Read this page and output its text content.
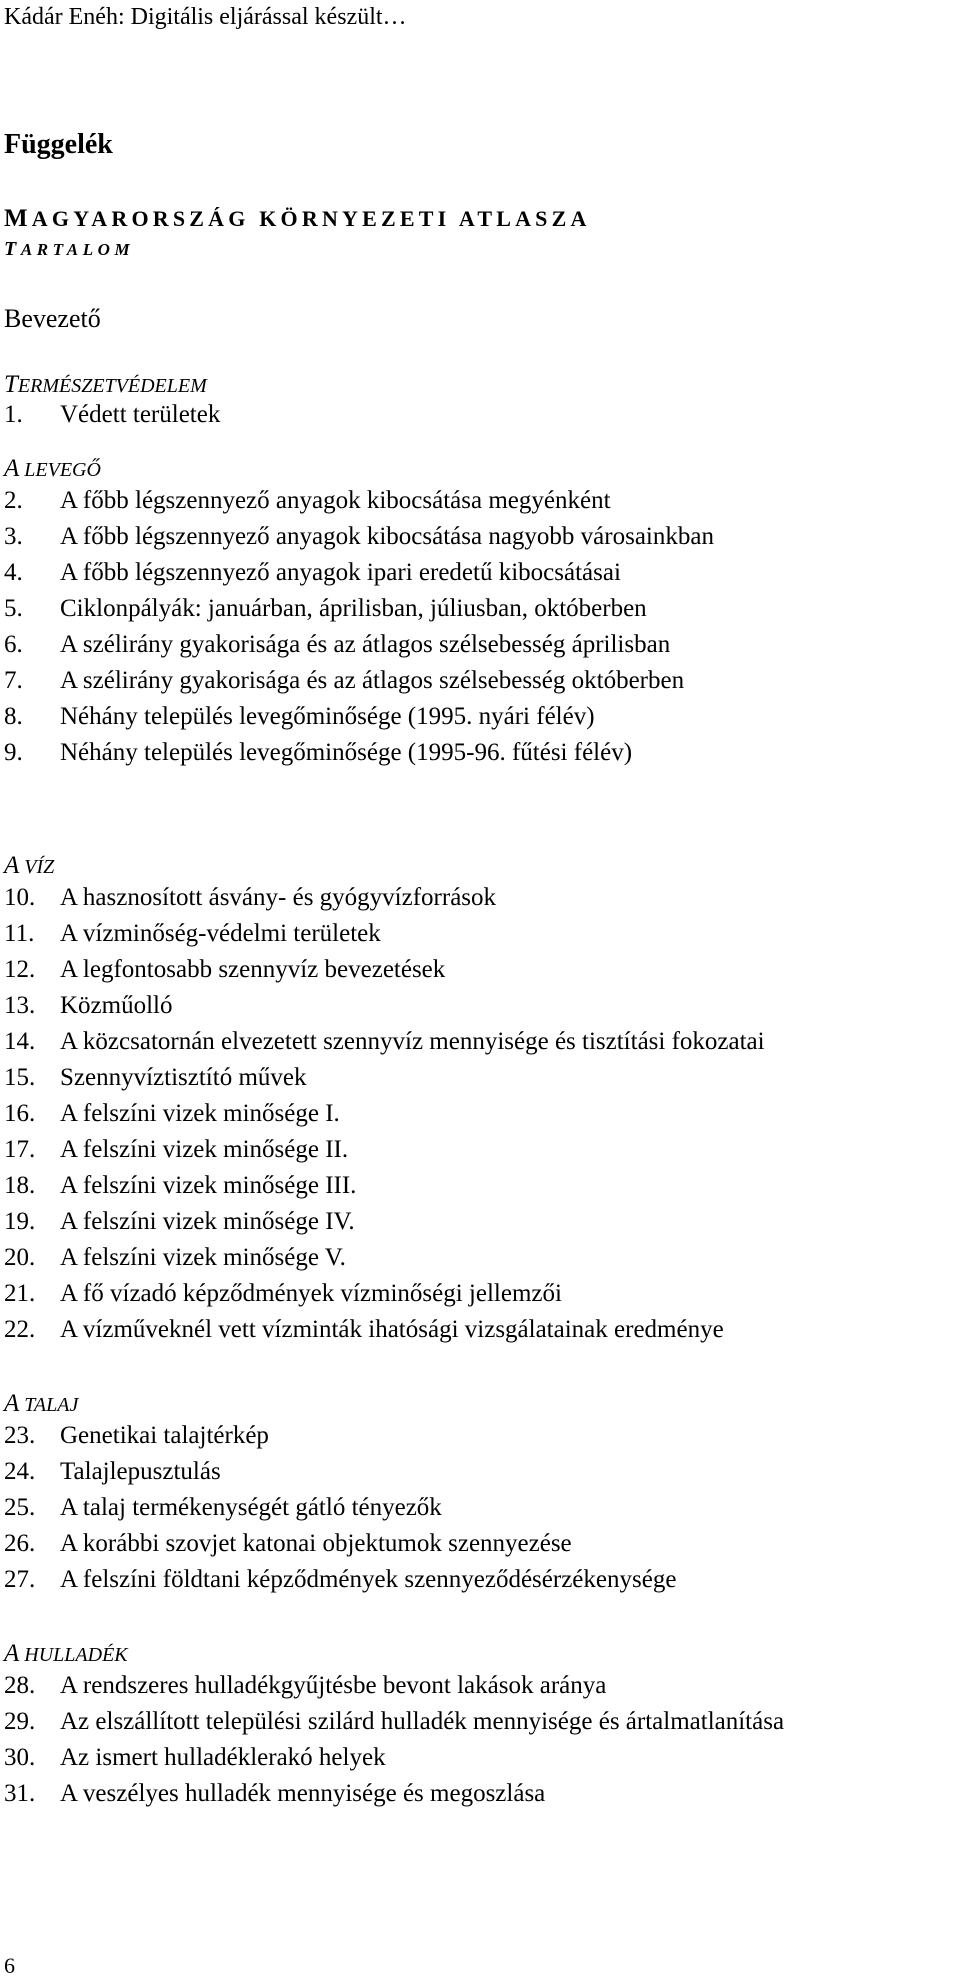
Kádár Enéh: Digitális eljárással készült…
Függelék
MAGYARORSZÁG KÖRNYEZETI ATLASZA
TARTALOM
Bevezető
TERMÉSZETVÉDELEM
1. Védett területek
A LEVEGŐ
2. A főbb légszennyező anyagok kibocsátása megyénként
3. A főbb légszennyező anyagok kibocsátása nagyobb városainkban
4. A főbb légszennyező anyagok ipari eredetű kibocsátásai
5. Ciklonpályák: januárban, áprilisban, júliusban, októberben
6. A szélirány gyakorisága és az átlagos szélsebesség áprilisban
7. A szélirány gyakorisága és az átlagos szélsebesség októberben
8. Néhány település levegőminősége (1995. nyári félév)
9. Néhány település levegőminősége (1995-96. fűtési félév)
A VÍZ
10. A hasznosított ásvány- és gyógyvízforrások
11. A vízminőség-védelmi területek
12. A legfontosabb szennyvíz bevezetések
13. Közműolló
14. A közcsatornán elvezetett szennyvíz mennyisége és tisztítási fokozatai
15. Szennyvíztisztító művek
16. A felszíni vizek minősége I.
17. A felszíni vizek minősége II.
18. A felszíni vizek minősége III.
19. A felszíni vizek minősége IV.
20. A felszíni vizek minősége V.
21. A fő vízadó képződmények vízminőségi jellemzői
22. A vízműveknél vett vízminták ihatósági vizsgálatainak eredménye
A TALAJ
23. Genetikai talajtérkép
24. Talajlepusztulás
25. A talaj termékenységét gátló tényezők
26. A korábbi szovjet katonai objektumok szennyezése
27. A felszíni földtani képződmények szennyeződésérzékenysége
A HULLADÉK
28. A rendszeres hulladékgyűjtésbe bevont lakások aránya
29. Az elszállított települési szilárd hulladék mennyisége és ártalmatlanítása
30. Az ismert hulladéklerakó helyek
31. A veszélyes hulladék mennyisége és megoszlása
6
